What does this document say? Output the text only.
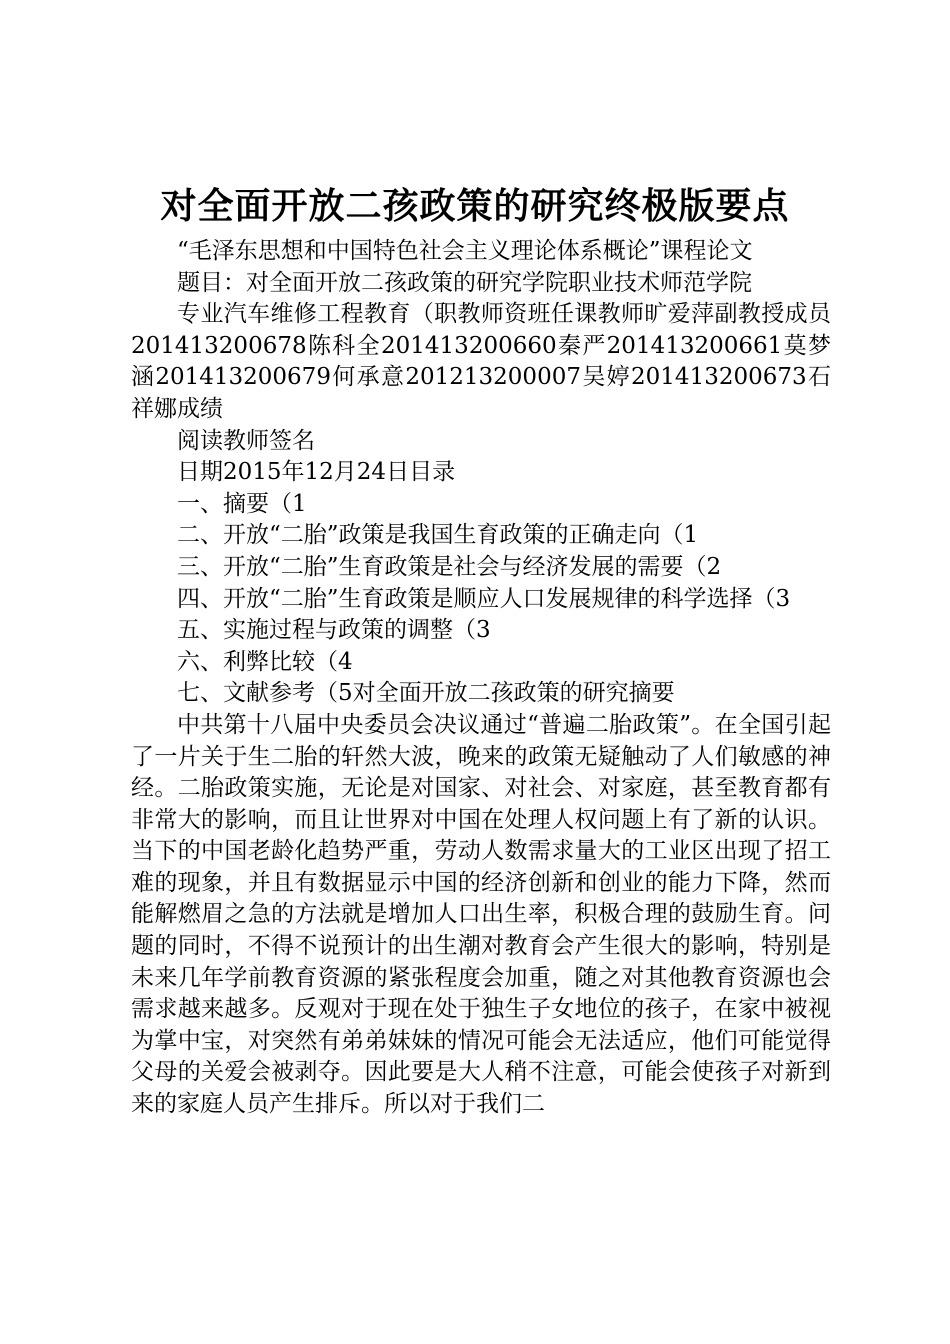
对全面开放二孩政策的研究终极版要点

“毛泽东思想和中国特色社会主义理论体系概论”课程论文

题目：对全面开放二孩政策的研究学院职业技术师范学院

专业汽车维修工程教育（职教师资班任课教师旷爱萍副教授成员201413200678陈科全201413200660秦严201413200661莫梦涵201413200679何承意201213200007吴婷201413200673石祥娜成绩

阅读教师签名

日期2015年12月24日目录

一、摘要（1

二、开放“二胎”政策是我国生育政策的正确走向（1

三、开放“二胎”生育政策是社会与经济发展的需要（2

四、开放“二胎”生育政策是顺应人口发展规律的科学选择（3

五、实施过程与政策的调整（3

六、利弊比较（4

七、文献参考（5对全面开放二孩政策的研究摘要

中共第十八届中央委员会决议通过“普遍二胎政策”。在全国引起了一片关于生二胎的轩然大波，晚来的政策无疑触动了人们敏感的神经。二胎政策实施，无论是对国家、对社会、对家庭，甚至教育都有非常大的影响，而且让世界对中国在处理人权问题上有了新的认识。当下的中国老龄化趋势严重，劳动人数需求量大的工业区出现了招工难的现象，并且有数据显示中国的经济创新和创业的能力下降，然而能解燃眉之急的方法就是增加人口出生率，积极合理的鼓励生育。问题的同时，不得不说预计的出生潮对教育会产生很大的影响，特别是未来几年学前教育资源的紧张程度会加重，随之对其他教育资源也会需求越来越多。反观对于现在处于独生子女地位的孩子，在家中被视为掌中宝，对突然有弟弟妹妹的情况可能会无法适应，他们可能觉得父母的关爱会被剥夺。因此要是大人稍不注意，可能会使孩子对新到来的家庭人员产生排斥。所以对于我们二
